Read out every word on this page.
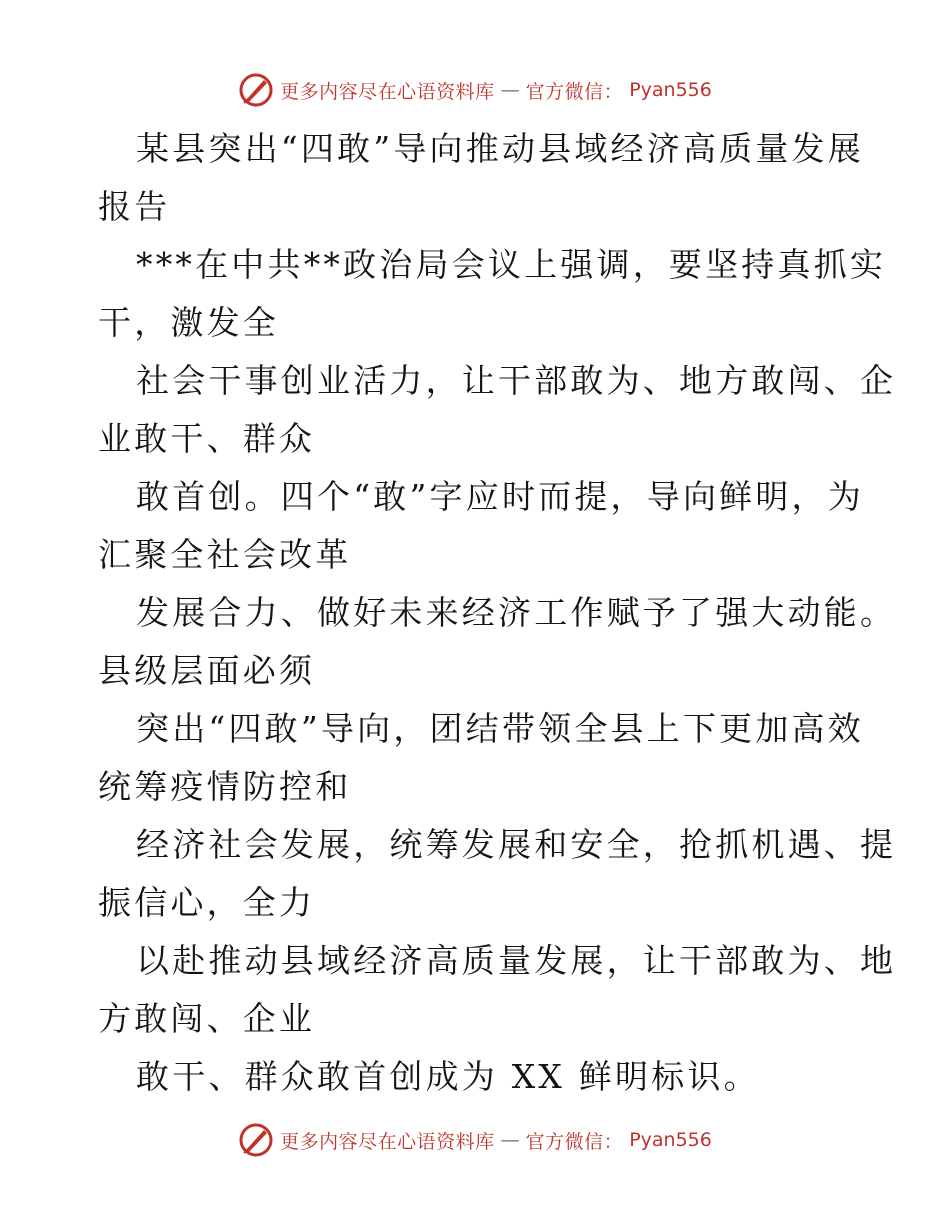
更多内容尽在心语资料库 — 官方微信： Pyan556
某县突出“四敢”导向推动县域经济高质量发展
报告
***在中共**政治局会议上强调，要坚持真抓实
干，激发全
社会干事创业活力，让干部敢为、地方敢闯、企
业敢干、群众
敢首创。四个“敢”字应时而提，导向鲜明，为
汇聚全社会改革
发展合力、做好未来经济工作赋予了强大动能。
县级层面必须
突出“四敢”导向，团结带领全县上下更加高效
统筹疫情防控和
经济社会发展，统筹发展和安全，抢抓机遇、提
振信心，全力
以赴推动县域经济高质量发展，让干部敢为、地
方敢闯、企业
敢干、群众敢首创成为 XX 鲜明标识。
更多内容尽在心语资料库 — 官方微信： Pyan556
